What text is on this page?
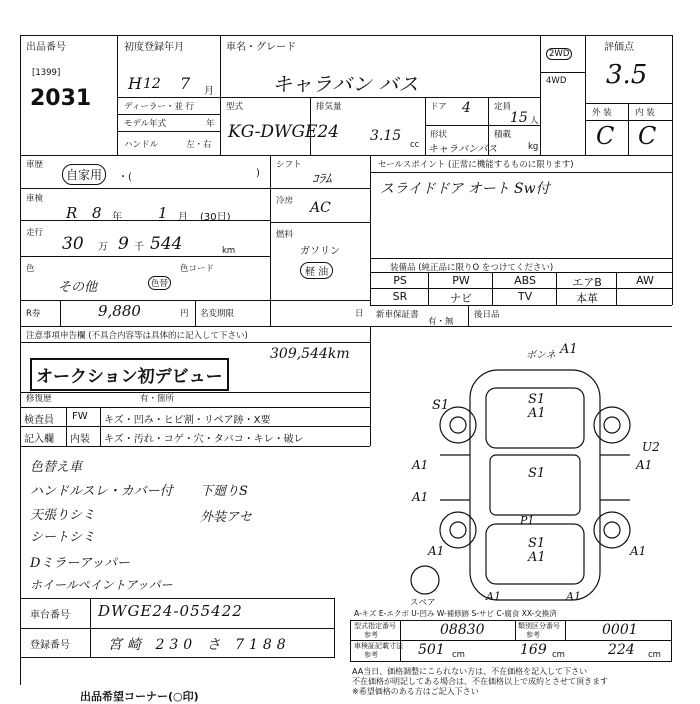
出品番号
[1399]
2031
初度登録年月
H 12 7 月
ディーラー・並 行
モデル年式	年
ハンドル	左・右
車名・グレード
キャラバン バス
型式
KG-DWGE24
排気量
3.15
cc
ドア 4	定員
15 人
形状
キャラバンバス
積載
kg
2WD
4WD
評価点
3.5
外 装	内 装
C C
車歴
自家用	・(	)
車検
R 8 年 1 月 (30日)
走行
30 万 9 千 544	km
色
その他	色替
色コード
R券	9,880	円 名変期限	日
シフト
ｺﾗﾑ
冷房 AC
燃料
ガソリン
軽 油
セールスポイント (正常に機能するものに限ります)
スライドドア オート Sw付
装備品 (純正品に限りO をつけてください)
PS	PW	ABS	エアB	AW
SR	ナビ	TV	本革
新車保証書
有・無
後日品
注意事項申告欄 (不具合内容等は具体的に記入して下さい)
309,544km
オークション初デビュー
修復歴	有・箇所
検査員
記入欄
FW キズ・凹み・ヒビ割・リペア跡・X要
内装 キズ・汚れ・コゲ・穴・タバコ・キレ・破レ
色替え車
ハンドルスレ・カバー付
天張りシミ
シートシミ
Dミラーアッパー
ホイールペイントアッパー
下廻りS
外装アセ
A1
ボンネ
S1
A1
S1
A1
A1
A1
U2
A1
A1
S1
S1
A1
A1	A1
P1
スペア
A-キズ E-エクボ U-凹み W-補修跡 S-サビ C-腐食 XX-交換済
車台番号 DWGE24-055422
登録番号	宮崎 230 さ 7188
型式指定番号
参考	08830	類別区分番号
参考	0001
車検証記載寸法
参考	501 cm	169 cm	224 cm
AA当日、価格調整にこられない方は、不在価格を記入して下さい
不在価格が明記してある場合は、不在価格以上で成約とさせて頂きます
※希望価格のある方はご記入下さい
出品希望コーナー(○印)
